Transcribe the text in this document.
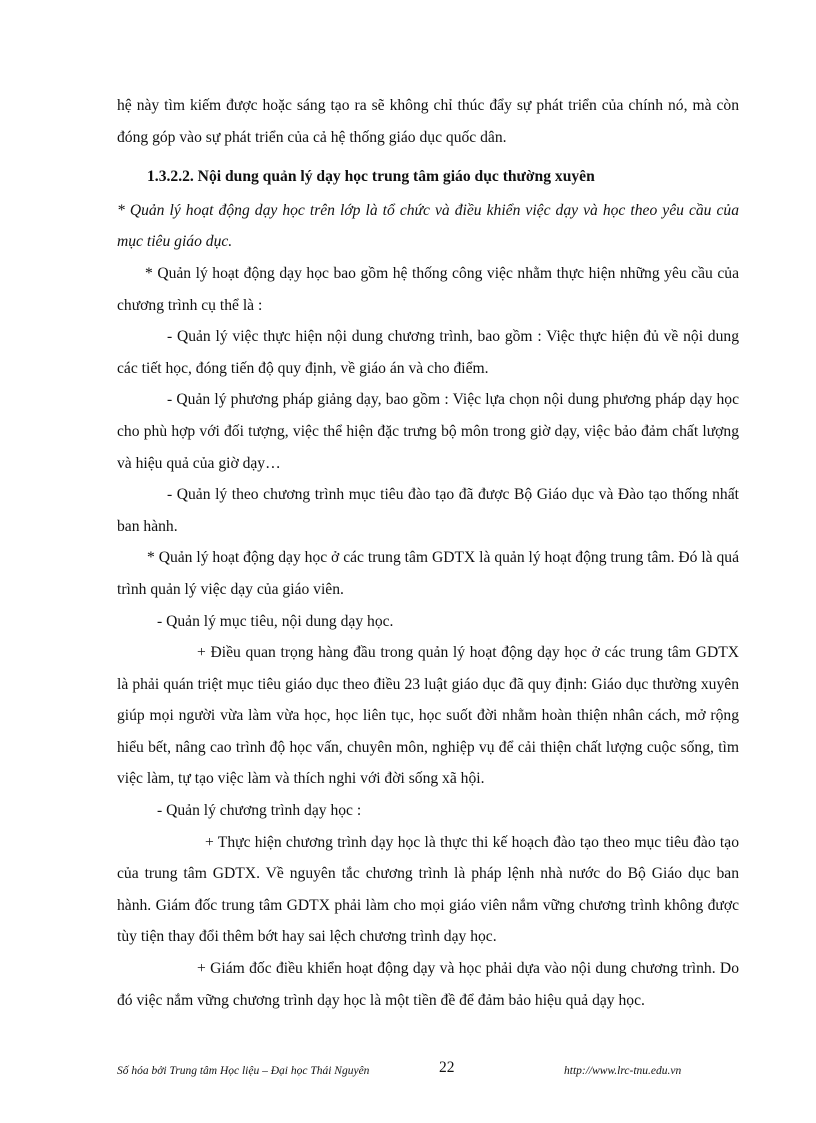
hệ này tìm kiếm được hoặc sáng tạo ra sẽ không chỉ thúc đẩy sự phát triển của chính nó, mà còn đóng góp vào sự phát triển của cả hệ thống giáo dục quốc dân.

1.3.2.2. Nội dung quản lý dạy học trung tâm giáo dục thường xuyên

* Quản lý hoạt động dạy học trên lớp là tổ chức và điều khiển việc dạy và học theo yêu cầu của mục tiêu giáo dục.

* Quản lý hoạt động dạy học bao gồm hệ thống công việc nhằm thực hiện những yêu cầu của chương trình cụ thể là :

- Quản lý việc thực hiện nội dung chương trình, bao gồm : Việc thực hiện đủ về nội dung các tiết học, đóng tiến độ quy định, về giáo án và cho điểm.

- Quản lý phương pháp giảng dạy, bao gồm : Việc lựa chọn nội dung phương pháp dạy học cho phù hợp với đối tượng, việc thể hiện đặc trưng bộ môn trong giờ dạy, việc bảo đảm chất lượng và hiệu quả của giờ dạy…

- Quản lý theo chương trình mục tiêu đào tạo đã được Bộ Giáo dục và Đào tạo thống nhất ban hành.

* Quản lý hoạt động dạy học ở các trung tâm GDTX là quản lý hoạt động trung tâm. Đó là quá trình quản lý việc dạy của giáo viên.

- Quản lý mục tiêu, nội dung dạy học.

+ Điều quan trọng hàng đầu trong quản lý hoạt động dạy học ở các trung tâm GDTX là phải quán triệt mục tiêu giáo dục theo điều 23 luật giáo dục đã quy định: Giáo dục thường xuyên giúp mọi người vừa làm vừa học, học liên tục, học suốt đời nhằm hoàn thiện nhân cách, mở rộng hiểu bết, nâng cao trình độ học vấn, chuyên môn, nghiệp vụ để cải thiện chất lượng cuộc sống, tìm việc làm, tự tạo việc làm và thích nghi với đời sống xã hội.

- Quản lý chương trình dạy học :

+ Thực hiện chương trình dạy học là thực thi kế hoạch đào tạo theo mục tiêu đào tạo của trung tâm GDTX. Về nguyên tắc chương trình là pháp lệnh nhà nước do Bộ Giáo dục ban hành. Giám đốc trung tâm GDTX phải làm cho mọi giáo viên nắm vững chương trình không được tùy tiện thay đổi thêm bớt hay sai lệch chương trình dạy học.

+ Giám đốc điều khiển hoạt động dạy và học phải dựa vào nội dung chương trình. Do đó việc nắm vững chương trình dạy học là một tiền đề để đảm bảo hiệu quả dạy học.

Số hóa bởi Trung tâm Học liệu – Đại học Thái Nguyên	22	http://www.lrc-tnu.edu.vn
